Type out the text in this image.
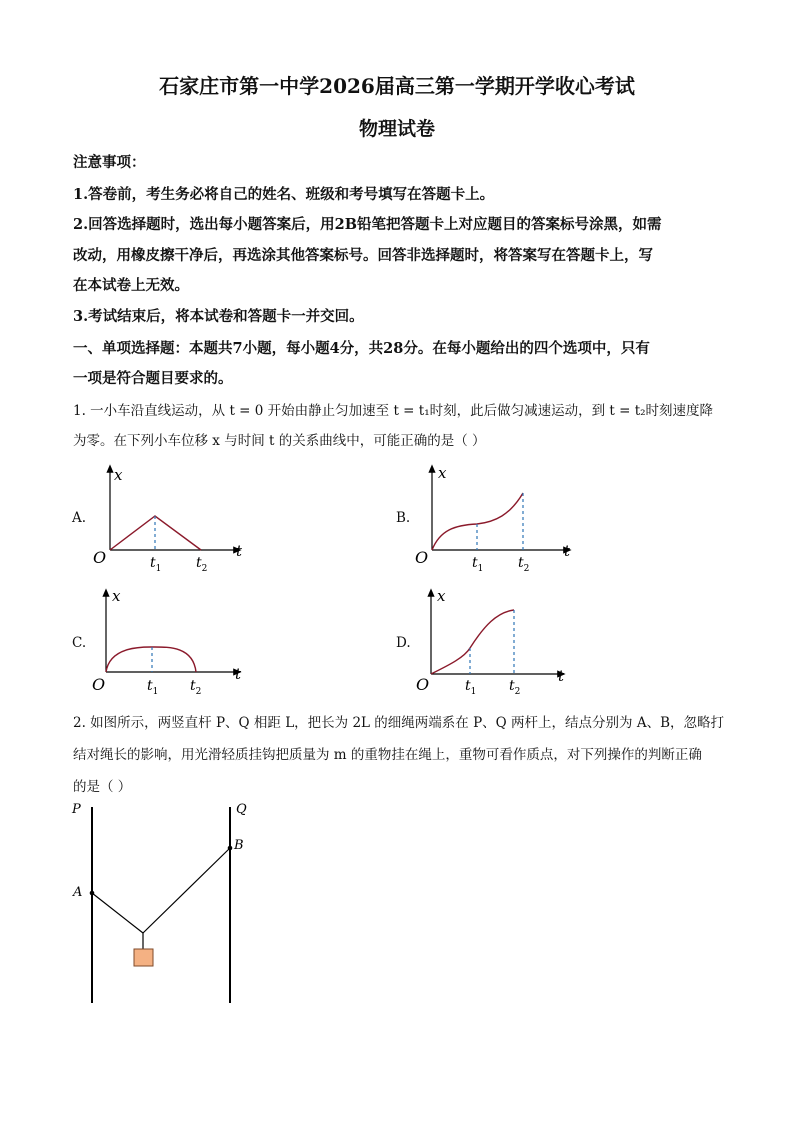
石家庄市第一中学2026届高三第一学期开学收心考试
物理试卷
注意事项：
1.答卷前，考生务必将自己的姓名、班级和考号填写在答题卡上。
2.回答选择题时，选出每小题答案后，用2B铅笔把答题卡上对应题目的答案标号涂黑，如需
改动，用橡皮擦干净后，再选涂其他答案标号。回答非选择题时，将答案写在答题卡上，写
在本试卷上无效。
3.考试结束后，将本试卷和答题卡一并交回。
一、单项选择题：本题共7小题，每小题4分，共28分。在每小题给出的四个选项中，只有
一项是符合题目要求的。
1. 一小车沿直线运动，从 t = 0 开始由静止匀加速至 t = t₁时刻，此后做匀减速运动，到 t = t₂时刻速度降
为零。在下列小车位移 x 与时间 t 的关系曲线中，可能正确的是（ ）
A.	B.
C.	D.
x
t
O	$t_1$ $t_2$
x
t
O	$t_1$ $t_2$
x
t
O	$t_1$ $t_2$
x
t
O	$t_1$ $t_2$
2. 如图所示，两竖直杆 P、Q 相距 L，把长为 2L 的细绳两端系在 P、Q 两杆上，结点分别为 A、B，忽略打
结对绳长的影响，用光滑轻质挂钩把质量为 m 的重物挂在绳上，重物可看作质点，对下列操作的判断正确
的是（ ）
P	Q
A
B
